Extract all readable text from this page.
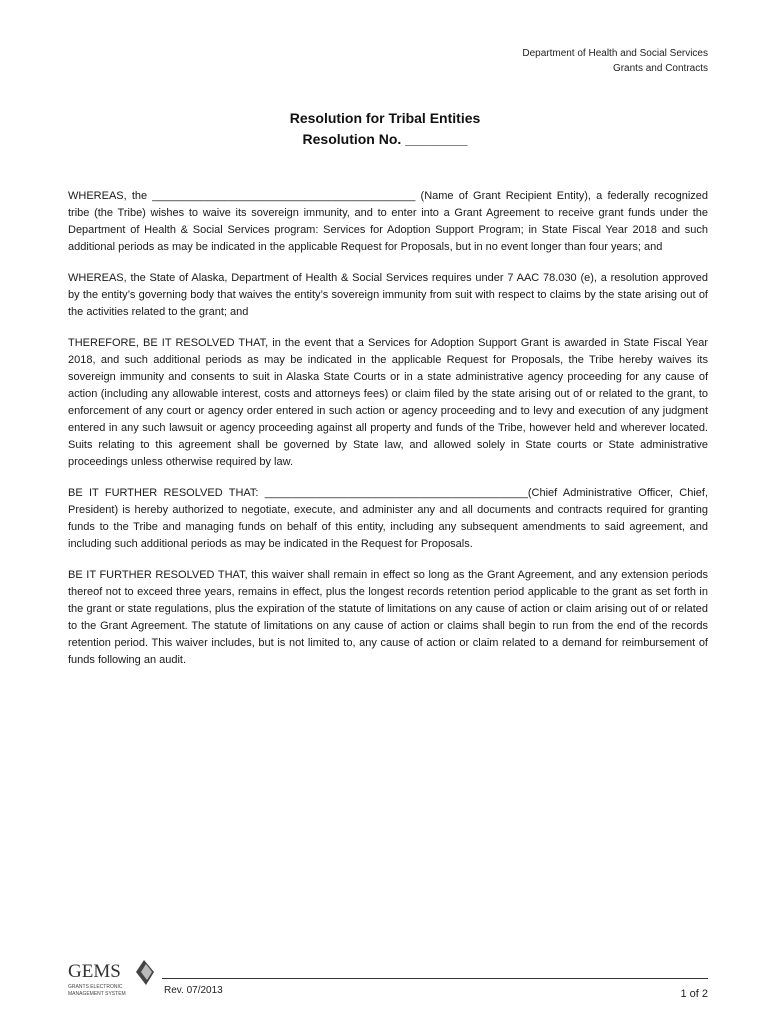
Department of Health and Social Services
Grants and Contracts
Resolution for Tribal Entities
Resolution No. ________

WHEREAS, the ___________________________________________ (Name of Grant Recipient Entity), a federally recognized tribe (the Tribe) wishes to waive its sovereign immunity, and to enter into a Grant Agreement to receive grant funds under the Department of Health & Social Services program: Services for Adoption Support Program; in State Fiscal Year 2018 and such additional periods as may be indicated in the applicable Request for Proposals, but in no event longer than four years; and

WHEREAS, the State of Alaska, Department of Health & Social Services requires under 7 AAC 78.030 (e), a resolution approved by the entity’s governing body that waives the entity’s sovereign immunity from suit with respect to claims by the state arising out of the activities related to the grant; and

THEREFORE, BE IT RESOLVED THAT, in the event that a Services for Adoption Support Grant is awarded in State Fiscal Year 2018, and such additional periods as may be indicated in the applicable Request for Proposals, the Tribe hereby waives its sovereign immunity and consents to suit in Alaska State Courts or in a state administrative agency proceeding for any cause of action (including any allowable interest, costs and attorneys fees) or claim filed by the state arising out of or related to the grant, to enforcement of any court or agency order entered in such action or agency proceeding and to levy and execution of any judgment entered in any such lawsuit or agency proceeding against all property and funds of the Tribe, however held and wherever located. Suits relating to this agreement shall be governed by State law, and allowed solely in State courts or State administrative proceedings unless otherwise required by law.

BE IT FURTHER RESOLVED THAT: ___________________________________________(Chief Administrative Officer, Chief, President) is hereby authorized to negotiate, execute, and administer any and all documents and contracts required for granting funds to the Tribe and managing funds on behalf of this entity, including any subsequent amendments to said agreement, and including such additional periods as may be indicated in the Request for Proposals.

BE IT FURTHER RESOLVED THAT, this waiver shall remain in effect so long as the Grant Agreement, and any extension periods thereof not to exceed three years, remains in effect, plus the longest records retention period applicable to the grant as set forth in the grant or state regulations, plus the expiration of the statute of limitations on any cause of action or claim arising out of or related to the Grant Agreement. The statute of limitations on any cause of action or claims shall begin to run from the end of the records retention period. This waiver includes, but is not limited to, any cause of action or claim related to a demand for reimbursement of funds following an audit.

GEMS
GRANTS ELECTRONIC
MANAGEMENT SYSTEM	Rev. 07/2013	1 of 2
